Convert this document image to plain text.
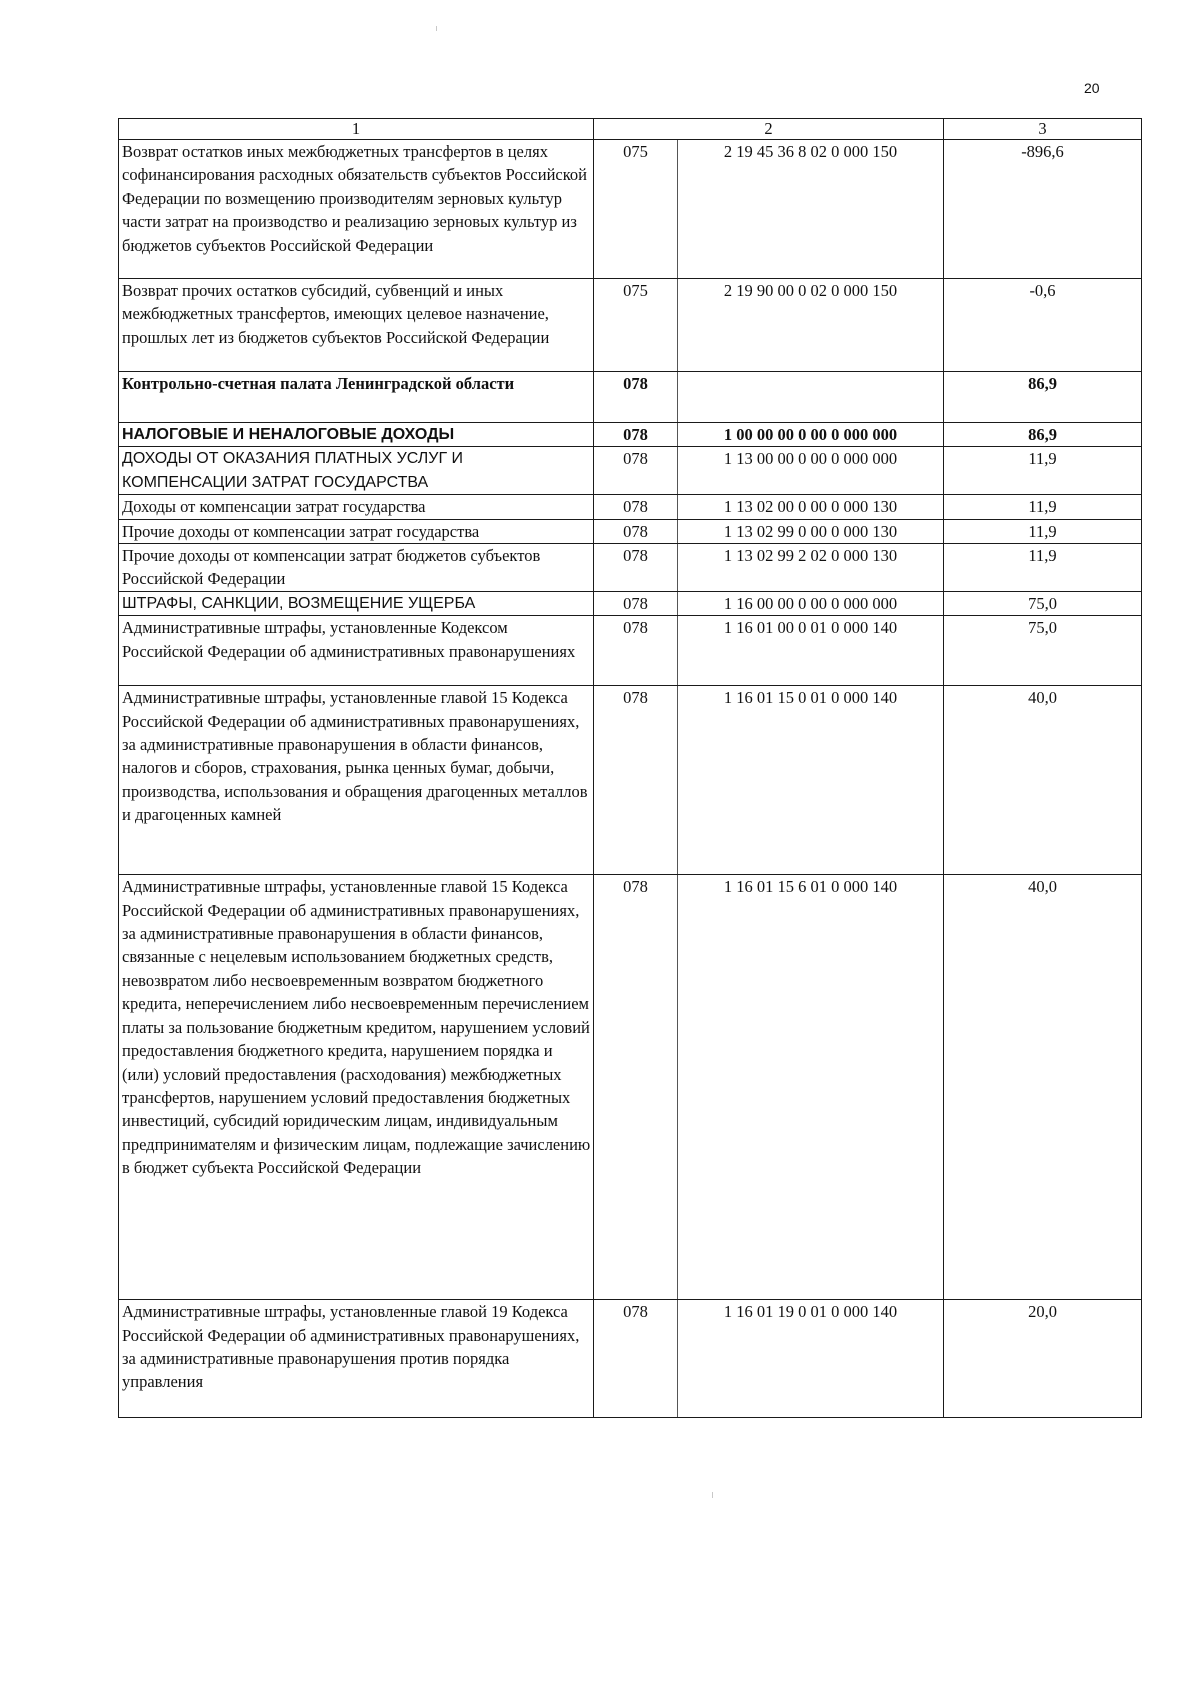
20
1	2		3
Возврат остатков иных межбюджетных трансфертов в целях софинансирования расходных обязательств субъектов Российской Федерации по возмещению производителям зерновых культур части затрат на производство и реализацию зерновых культур из бюджетов субъектов Российской Федерации	075	2 19 45 36 8 02 0 000 150	-896,6
Возврат прочих остатков субсидий, субвенций и иных межбюджетных трансфертов, имеющих целевое назначение, прошлых лет из бюджетов субъектов Российской Федерации	075	2 19 90 00 0 02 0 000 150	-0,6
Контрольно-счетная палата Ленинградской области	078		86,9
НАЛОГОВЫЕ И НЕНАЛОГОВЫЕ ДОХОДЫ	078	1 00 00 00 0 00 0 000 000	86,9
ДОХОДЫ ОТ ОКАЗАНИЯ ПЛАТНЫХ УСЛУГ И КОМПЕНСАЦИИ ЗАТРАТ ГОСУДАРСТВА	078	1 13 00 00 0 00 0 000 000	11,9
Доходы от компенсации затрат государства	078	1 13 02 00 0 00 0 000 130	11,9
Прочие доходы от компенсации затрат государства	078	1 13 02 99 0 00 0 000 130	11,9
Прочие доходы от компенсации затрат бюджетов субъектов Российской Федерации	078	1 13 02 99 2 02 0 000 130	11,9
ШТРАФЫ, САНКЦИИ, ВОЗМЕЩЕНИЕ УЩЕРБА	078	1 16 00 00 0 00 0 000 000	75,0
Административные штрафы, установленные Кодексом Российской Федерации об административных правонарушениях	078	1 16 01 00 0 01 0 000 140	75,0
Административные штрафы, установленные главой 15 Кодекса Российской Федерации об административных правонарушениях, за административные правонарушения в области финансов, налогов и сборов, страхования, рынка ценных бумаг, добычи, производства, использования и обращения драгоценных металлов и драгоценных камней	078	1 16 01 15 0 01 0 000 140	40,0
Административные штрафы, установленные главой 15 Кодекса Российской Федерации об административных правонарушениях, за административные правонарушения в области финансов, связанные с нецелевым использованием бюджетных средств, невозвратом либо несвоевременным возвратом бюджетного кредита, неперечислением либо несвоевременным перечислением платы за пользование бюджетным кредитом, нарушением условий предоставления бюджетного кредита, нарушением порядка и (или) условий предоставления (расходования) межбюджетных трансфертов, нарушением условий предоставления бюджетных инвестиций, субсидий юридическим лицам, индивидуальным предпринимателям и физическим лицам, подлежащие зачислению в бюджет субъекта Российской Федерации	078	1 16 01 15 6 01 0 000 140	40,0
Административные штрафы, установленные главой 19 Кодекса Российской Федерации об административных правонарушениях, за административные правонарушения против порядка управления	078	1 16 01 19 0 01 0 000 140	20,0
